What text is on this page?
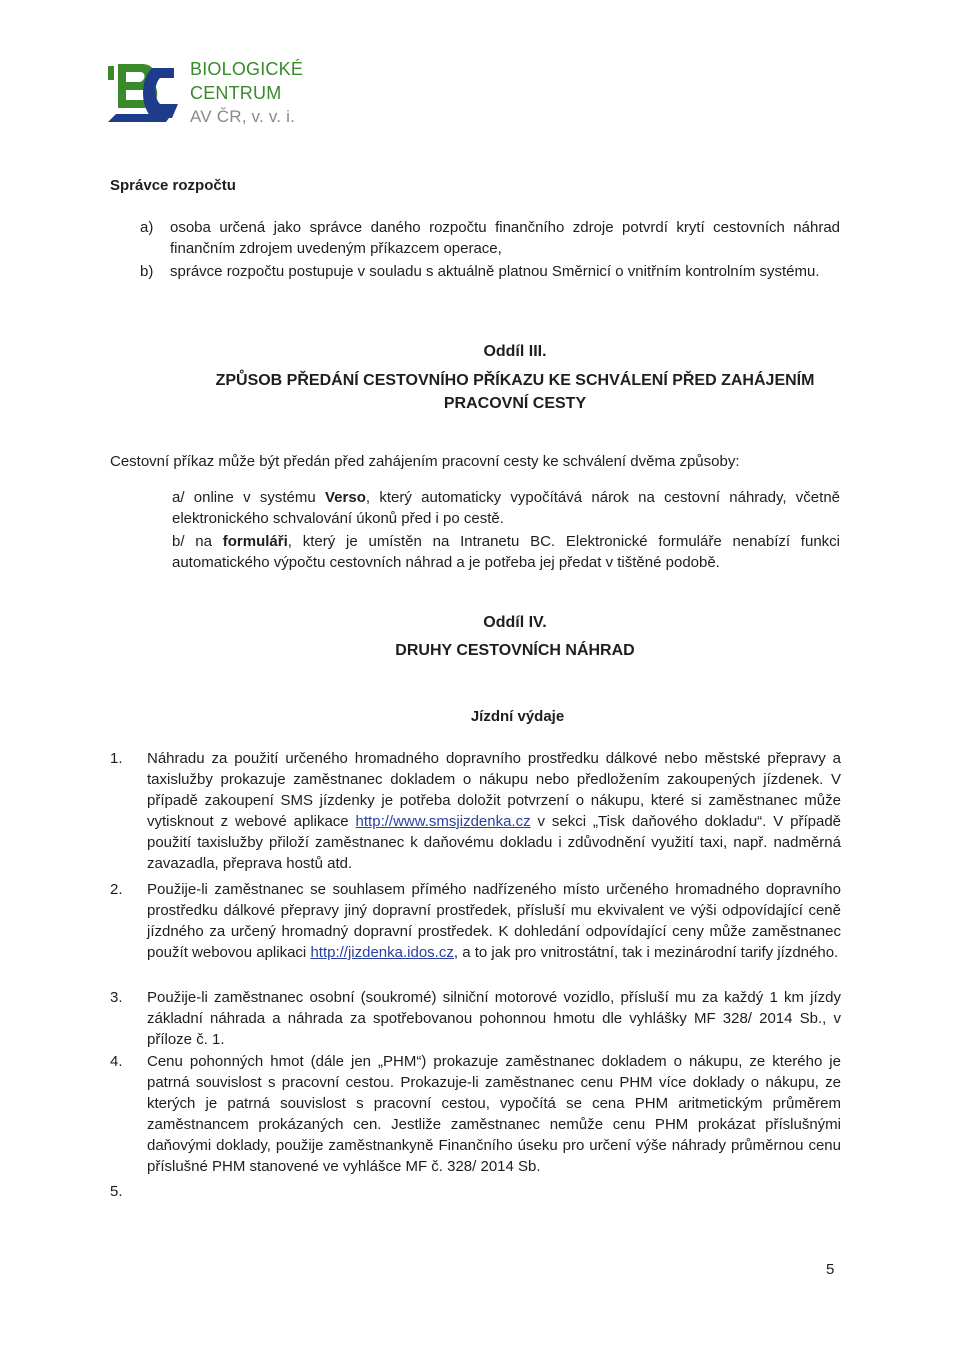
BIOLOGICKÉ
CENTRUM
AV ČR, v. v. i.
Správce rozpočtu
a) osoba určená jako správce daného rozpočtu finančního zdroje potvrdí krytí cestovních náhrad finančním zdrojem uvedeným příkazcem operace,
b) správce rozpočtu postupuje v souladu s aktuálně platnou Směrnicí o vnitřním kontrolním systému.
Oddíl III.
ZPŮSOB PŘEDÁNÍ CESTOVNÍHO PŘÍKAZU KE SCHVÁLENÍ PŘED ZAHÁJENÍM PRACOVNÍ CESTY
Cestovní příkaz může být předán před zahájením pracovní cesty ke schválení dvěma způsoby:
a/ online v systému Verso, který automaticky vypočítává nárok na cestovní náhrady, včetně elektronického schvalování úkonů před i po cestě.
b/ na formuláři, který je umístěn na Intranetu BC. Elektronické formuláře nenabízí funkci automatického výpočtu cestovních náhrad a je potřeba jej předat v tištěné podobě.
Oddíl IV.
DRUHY CESTOVNÍCH NÁHRAD
Jízdní výdaje
1. Náhradu za použití určeného hromadného dopravního prostředku dálkové nebo městské přepravy a taxislužby prokazuje zaměstnanec dokladem o nákupu nebo předložením zakoupených jízdenek. V případě zakoupení SMS jízdenky je potřeba doložit potvrzení o nákupu, které si zaměstnanec může vytisknout z webové aplikace http://www.smsjizdenka.cz v sekci „Tisk daňového dokladu“. V případě použití taxislužby přiloží zaměstnanec k daňovému dokladu i zdůvodnění využití taxi, např. nadměrná zavazadla, přeprava hostů atd.
2. Použije-li zaměstnanec se souhlasem přímého nadřízeného místo určeného hromadného dopravního prostředku dálkové přepravy jiný dopravní prostředek, přísluší mu ekvivalent ve výši odpovídající ceně jízdného za určený hromadný dopravní prostředek. K dohledání odpovídající ceny může zaměstnanec použít webovou aplikaci http://jizdenka.idos.cz, a to jak pro vnitrostátní, tak i mezinárodní tarify jízdného.
3. Použije-li zaměstnanec osobní (soukromé) silniční motorové vozidlo, přísluší mu za každý 1 km jízdy základní náhrada a náhrada za spotřebovanou pohonnou hmotu dle vyhlášky MF 328/ 2014 Sb., v příloze č. 1.
4. Cenu pohonných hmot (dále jen „PHM“) prokazuje zaměstnanec dokladem o nákupu, ze kterého je patrná souvislost s pracovní cestou. Prokazuje-li zaměstnanec cenu PHM více doklady o nákupu, ze kterých je patrná souvislost s pracovní cestou, vypočítá se cena PHM aritmetickým průměrem zaměstnancem prokázaných cen. Jestliže zaměstnanec nemůže cenu PHM prokázat příslušnými daňovými doklady, použije zaměstnankyně Finančního úseku pro určení výše náhrady průměrnou cenu příslušné PHM stanovené ve vyhlášce MF č. 328/ 2014 Sb.
5.
5
